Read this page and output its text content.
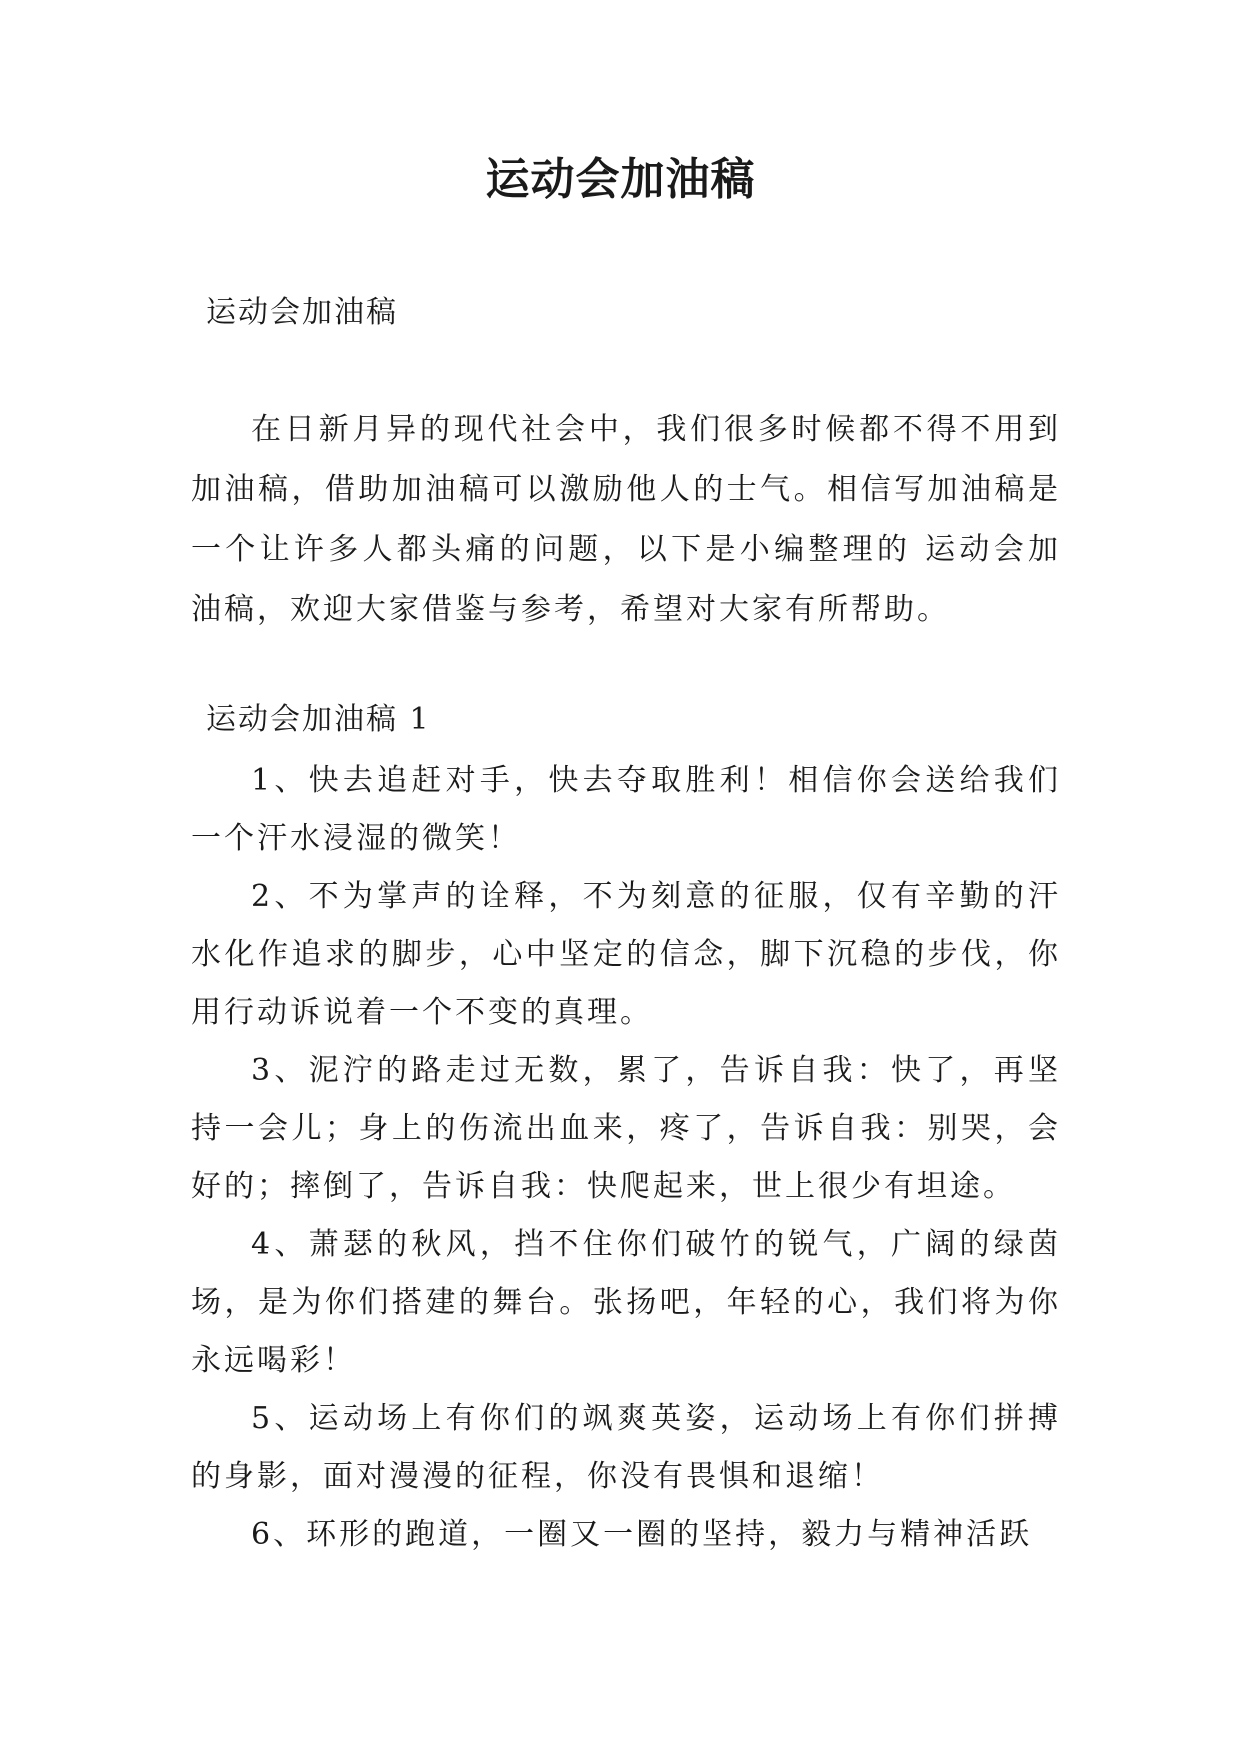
运动会加油稿

运动会加油稿

在日新月异的现代社会中，我们很多时候都不得不用到加油稿，借助加油稿可以激励他人的士气。相信写加油稿是一个让许多人都头痛的问题，以下是小编整理的 运动会加油稿，欢迎大家借鉴与参考，希望对大家有所帮助。

运动会加油稿 1

1、快去追赶对手，快去夺取胜利！相信你会送给我们一个汗水浸湿的微笑！
2、不为掌声的诠释，不为刻意的征服，仅有辛勤的汗水化作追求的脚步，心中坚定的信念，脚下沉稳的步伐，你用行动诉说着一个不变的真理。
3、泥泞的路走过无数，累了，告诉自我：快了，再坚持一会儿；身上的伤流出血来，疼了，告诉自我：别哭，会好的；摔倒了，告诉自我：快爬起来，世上很少有坦途。
4、萧瑟的秋风，挡不住你们破竹的锐气，广阔的绿茵场，是为你们搭建的舞台。张扬吧，年轻的心，我们将为你永远喝彩！
5、运动场上有你们的飒爽英姿，运动场上有你们拼搏的身影，面对漫漫的征程，你没有畏惧和退缩！
6、环形的跑道，一圈又一圈的坚持，毅力与精神活跃
